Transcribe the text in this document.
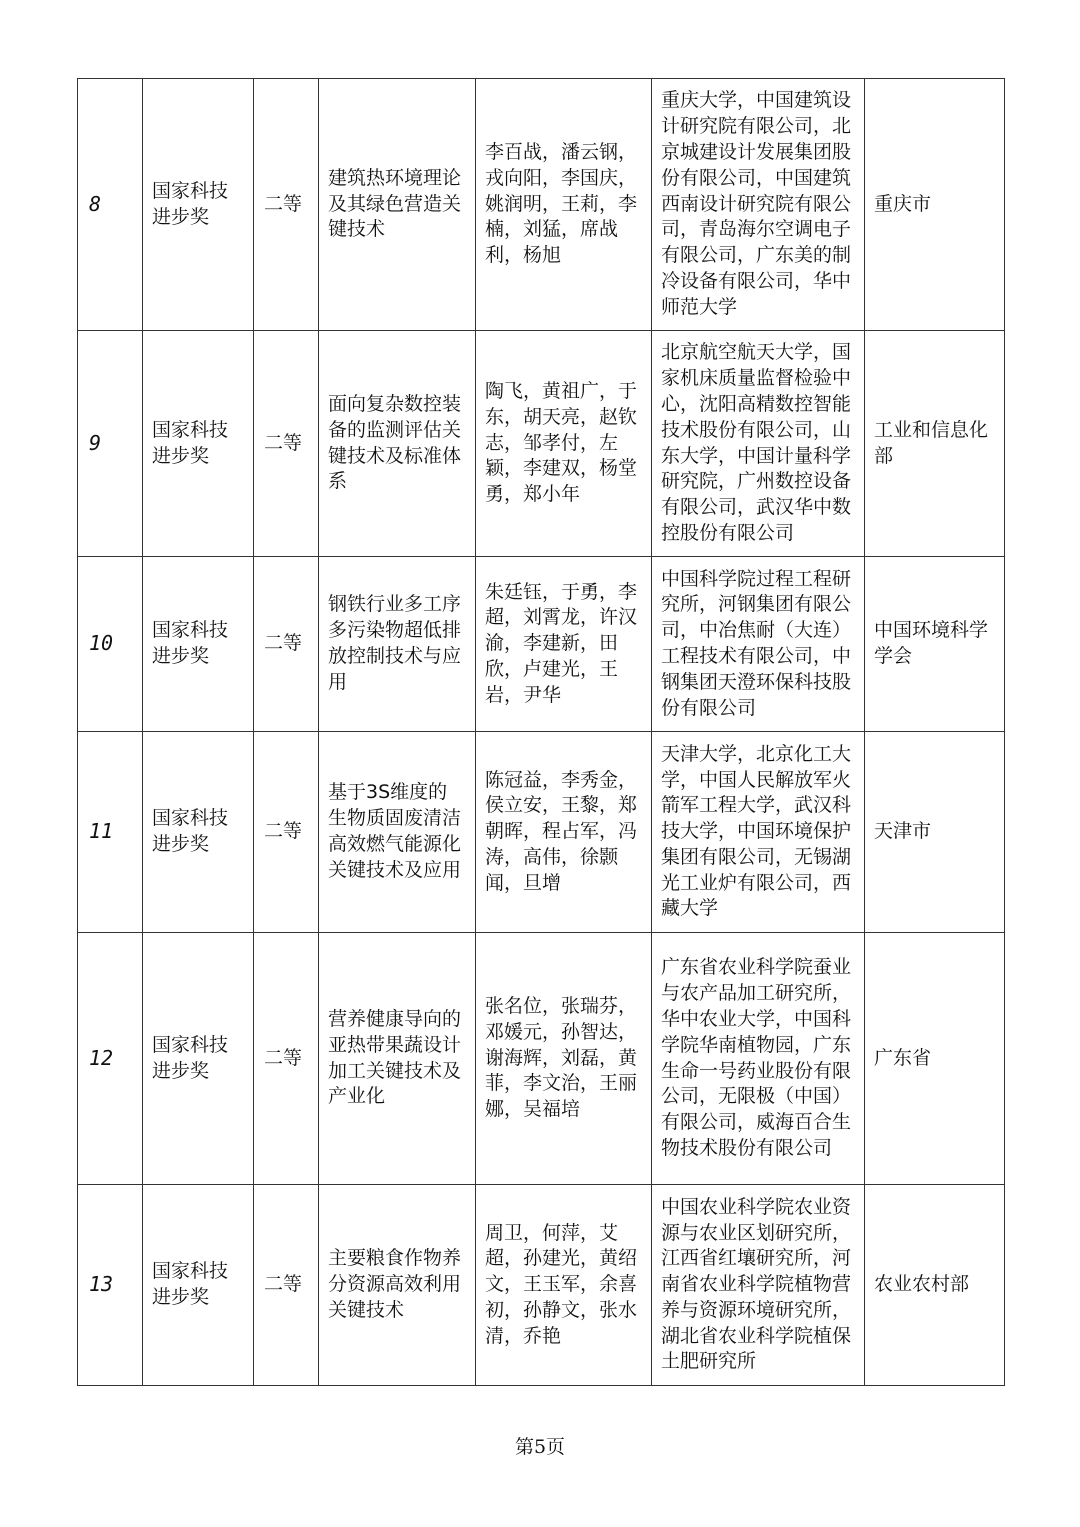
8	国家科技进步奖	二等	建筑热环境理论及其绿色营造关键技术	李百战，潘云钢，戎向阳，李国庆，姚润明，王莉，李楠，刘猛，席战利，杨旭	重庆大学，中国建筑设计研究院有限公司，北京城建设计发展集团股份有限公司，中国建筑西南设计研究院有限公司，青岛海尔空调电子有限公司，广东美的制冷设备有限公司，华中师范大学	重庆市
9	国家科技进步奖	二等	面向复杂数控装备的监测评估关键技术及标准体系	陶飞，黄祖广，于东，胡天亮，赵钦志，邹孝付，左颖，李建双，杨堂勇，郑小年	北京航空航天大学，国家机床质量监督检验中心，沈阳高精数控智能技术股份有限公司，山东大学，中国计量科学研究院，广州数控设备有限公司，武汉华中数控股份有限公司	工业和信息化部
10	国家科技进步奖	二等	钢铁行业多工序多污染物超低排放控制技术与应用	朱廷钰，于勇，李超，刘霄龙，许汉渝，李建新，田欣，卢建光，王岩，尹华	中国科学院过程工程研究所，河钢集团有限公司，中冶焦耐（大连）工程技术有限公司，中钢集团天澄环保科技股份有限公司	中国环境科学学会
11	国家科技进步奖	二等	基于3S维度的生物质固废清洁高效燃气能源化关键技术及应用	陈冠益，李秀金，侯立安，王黎，郑朝晖，程占军，冯涛，高伟，徐颢闻，旦增	天津大学，北京化工大学，中国人民解放军火箭军工程大学，武汉科技大学，中国环境保护集团有限公司，无锡湖光工业炉有限公司，西藏大学	天津市
12	国家科技进步奖	二等	营养健康导向的亚热带果蔬设计加工关键技术及产业化	张名位，张瑞芬，邓媛元，孙智达，谢海辉，刘磊，黄菲，李文治，王丽娜，吴福培	广东省农业科学院蚕业与农产品加工研究所，华中农业大学，中国科学院华南植物园，广东生命一号药业股份有限公司，无限极（中国）有限公司，威海百合生物技术股份有限公司	广东省
13	国家科技进步奖	二等	主要粮食作物养分资源高效利用关键技术	周卫，何萍，艾超，孙建光，黄绍文，王玉军，余喜初，孙静文，张水清，乔艳	中国农业科学院农业资源与农业区划研究所，江西省红壤研究所，河南省农业科学院植物营养与资源环境研究所，湖北省农业科学院植保土肥研究所	农业农村部
第5页
